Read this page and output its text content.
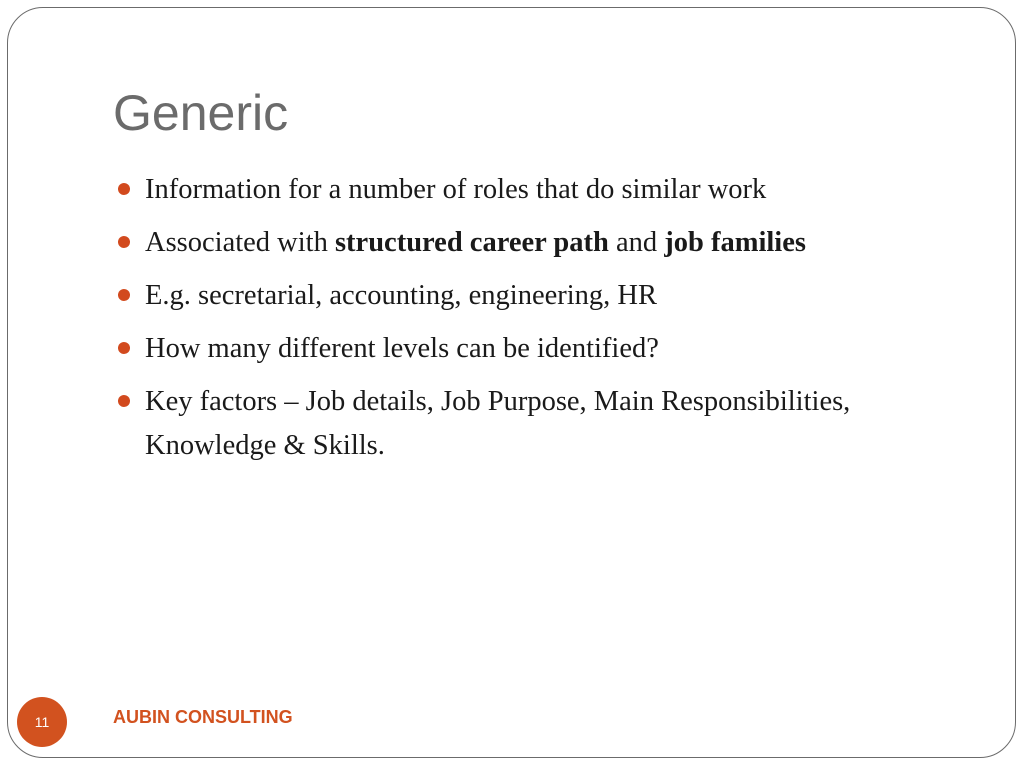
Generic
Information for a number of roles that do similar work
Associated with structured career path and job families
E.g. secretarial, accounting, engineering, HR
How many different levels can be identified?
Key factors – Job details, Job Purpose, Main Responsibilities, Knowledge & Skills.
11	AUBIN CONSULTING
